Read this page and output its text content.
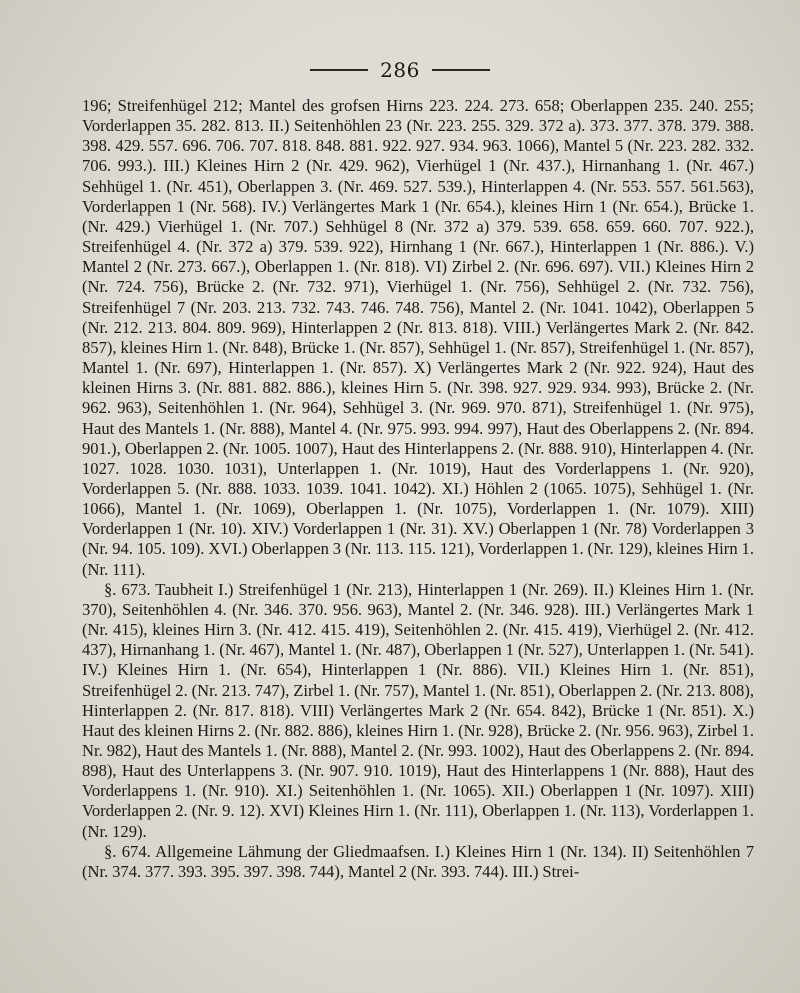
286

196; Streifenhügel 212; Mantel des grofsen Hirns 223. 224. 273. 658; Oberlappen 235. 240. 255; Vorderlappen 35. 282. 813. II.) Seitenhöhlen 23 (Nr. 223. 255. 329. 372 a). 373. 377. 378. 379. 388. 398. 429. 557. 696. 706. 707. 818. 848. 881. 922. 927. 934. 963. 1066), Mantel 5 (Nr. 223. 282. 332. 706. 993.). III.) Kleines Hirn 2 (Nr. 429. 962), Vierhügel 1 (Nr. 437.), Hirnanhang 1. (Nr. 467.) Sehhügel 1. (Nr. 451), Oberlappen 3. (Nr. 469. 527. 539.), Hinterlappen 4. (Nr. 553. 557. 561.563), Vorderlappen 1 (Nr. 568). IV.) Verlängertes Mark 1 (Nr. 654.), kleines Hirn 1 (Nr. 654.), Brücke 1. (Nr. 429.) Vierhügel 1. (Nr. 707.) Sehhügel 8 (Nr. 372 a) 379. 539. 658. 659. 660. 707. 922.), Streifenhügel 4. (Nr. 372 a) 379. 539. 922), Hirnhang 1 (Nr. 667.), Hinterlappen 1 (Nr. 886.). V.) Mantel 2 (Nr. 273. 667.), Oberlappen 1. (Nr. 818). VI) Zirbel 2. (Nr. 696. 697). VII.) Kleines Hirn 2 (Nr. 724. 756), Brücke 2. (Nr. 732. 971), Vierhügel 1. (Nr. 756), Sehhügel 2. (Nr. 732. 756), Streifenhügel 7 (Nr. 203. 213. 732. 743. 746. 748. 756), Mantel 2. (Nr. 1041. 1042), Oberlappen 5 (Nr. 212. 213. 804. 809. 969), Hinterlappen 2 (Nr. 813. 818). VIII.) Verlängertes Mark 2. (Nr. 842. 857), kleines Hirn 1. (Nr. 848), Brücke 1. (Nr. 857), Sehhügel 1. (Nr. 857), Streifenhügel 1. (Nr. 857), Mantel 1. (Nr. 697), Hinterlappen 1. (Nr. 857). X) Verlängertes Mark 2 (Nr. 922. 924), Haut des kleinen Hirns 3. (Nr. 881. 882. 886.), kleines Hirn 5. (Nr. 398. 927. 929. 934. 993), Brücke 2. (Nr. 962. 963), Seitenhöhlen 1. (Nr. 964), Sehhügel 3. (Nr. 969. 970. 871), Streifenhügel 1. (Nr. 975), Haut des Mantels 1. (Nr. 888), Mantel 4. (Nr. 975. 993. 994. 997), Haut des Oberlappens 2. (Nr. 894. 901.), Oberlappen 2. (Nr. 1005. 1007), Haut des Hinterlappens 2. (Nr. 888. 910), Hinterlappen 4. (Nr. 1027. 1028. 1030. 1031), Unterlappen 1. (Nr. 1019), Haut des Vorderlappens 1. (Nr. 920), Vorderlappen 5. (Nr. 888. 1033. 1039. 1041. 1042). XI.) Höhlen 2 (1065. 1075), Sehhügel 1. (Nr. 1066), Mantel 1. (Nr. 1069), Oberlappen 1. (Nr. 1075), Vorderlappen 1. (Nr. 1079). XIII) Vorderlappen 1 (Nr. 10). XIV.) Vorderlappen 1 (Nr. 31). XV.) Oberlappen 1 (Nr. 78) Vorderlappen 3 (Nr. 94. 105. 109). XVI.) Oberlappen 3 (Nr. 113. 115. 121), Vorderlappen 1. (Nr. 129), kleines Hirn 1. (Nr. 111).

§. 673. Taubheit I.) Streifenhügel 1 (Nr. 213), Hinterlappen 1 (Nr. 269). II.) Kleines Hirn 1. (Nr. 370), Seitenhöhlen 4. (Nr. 346. 370. 956. 963), Mantel 2. (Nr. 346. 928). III.) Verlängertes Mark 1 (Nr. 415), kleines Hirn 3. (Nr. 412. 415. 419), Seitenhöhlen 2. (Nr. 415. 419), Vierhügel 2. (Nr. 412. 437), Hirnanhang 1. (Nr. 467), Mantel 1. (Nr. 487), Oberlappen 1 (Nr. 527), Unterlappen 1. (Nr. 541). IV.) Kleines Hirn 1. (Nr. 654), Hinterlappen 1 (Nr. 886). VII.) Kleines Hirn 1. (Nr. 851), Streifenhügel 2. (Nr. 213. 747), Zirbel 1. (Nr. 757), Mantel 1. (Nr. 851), Oberlappen 2. (Nr. 213. 808), Hinterlappen 2. (Nr. 817. 818). VIII) Verlängertes Mark 2 (Nr. 654. 842), Brücke 1 (Nr. 851). X.) Haut des kleinen Hirns 2. (Nr. 882. 886), kleines Hirn 1. (Nr. 928), Brücke 2. (Nr. 956. 963), Zirbel 1. Nr. 982), Haut des Mantels 1. (Nr. 888), Mantel 2. (Nr. 993. 1002), Haut des Oberlappens 2. (Nr. 894. 898), Haut des Unterlappens 3. (Nr. 907. 910. 1019), Haut des Hinterlappens 1 (Nr. 888), Haut des Vorderlappens 1. (Nr. 910). XI.) Seitenhöhlen 1. (Nr. 1065). XII.) Oberlappen 1 (Nr. 1097). XIII) Vorderlappen 2. (Nr. 9. 12). XVI) Kleines Hirn 1. (Nr. 111), Oberlappen 1. (Nr. 113), Vorderlappen 1. (Nr. 129).

§. 674. Allgemeine Lähmung der Gliedmaafsen. I.) Kleines Hirn 1 (Nr. 134). II) Seitenhöhlen 7 (Nr. 374. 377. 393. 395. 397. 398. 744), Mantel 2 (Nr. 393. 744). III.) Strei-
